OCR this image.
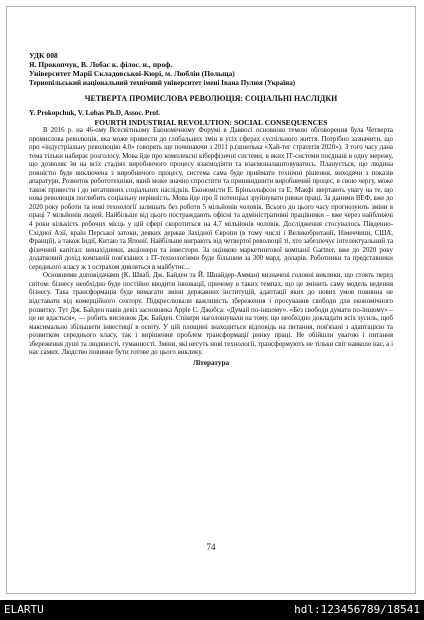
УДК 008
Я. Прокопчук, В. Лобас к. філос. н., проф.
Університет Марії Складовської-Кюрі, м. Люблін (Польща)
Тернопільський національний технічний університет імені Івана Пулюя (Україна)
ЧЕТВЕРТА ПРОМИСЛОВА РЕВОЛЮЦІЯ: СОЦІАЛЬНІ НАСЛІДКИ
Y. Prokopchuk, V. Lobas Ph.D, Assoc. Prof.
FOURTH INDUSTRIAL REVOLUTION: SOCIAL CONSEQUENCES

В 2016 р. на 46-ому Всесвітньому Економічному Форумі в Даввосі основною темою обговорення була Четверта промислова революція, яка може привести до глобальних змін в усіх сферах суспільного життя. Потрібно зазначити, що про «індустріальну революцію 4.0» говорять ще починаючи з 2011 р.(шнепька «Хай-тег стратегія 2020»). З того часу дана тема тільки набирає розголосу. Мова йде про комплексні кіберфізичні системи, в яких ІТ-системи поєднані в одну мережу, що дозволяє їм на всіх стадіях виробничого процесу взаємодіяти та взаємоналаштовуватись. Планується, що людина повністю буде виключена з виробничого процесу, система сама буде приймати технічні рішення, виходячи з показів апаратури. Розвиток робототехніки, який може значно спростити та пришвидшити виробничий процес, в свою чергу, може також привести і до негативних соціальних наслідків. Економісти Е. Бріньольфсон та Е. Макфі звертають увагу на те, що нова революція поглибить соціальну нерівність. Мова йде про її потенціал зруйнувати ринки праці. За даними ВЕФ, вже до 2020 року роботи та нові технології залишать без роботи 5 мільйонів чоловік. Всього до цього часу прогнозують зміни в праці 7 мільйонів людей. Найбільше від цього постраждають офісні та адміністративні працівники – вже через найближчі 4 роки кількість робочих місць у цій сфері скоротиться на 4,7 мільйонів чоловік. Дослідження стосувалось Південно-Східної Азії, країн Перської затоки, деяких держав Західної Європи (в тому числі і Великобританії, Німеччини, США, Франції), а також Індії, Китаю та Японії. Найбільше виграють від четвертої революції ті, хто забезпечує інтелектуальний та фізичний капітал: винахідники, акціонери та інвестори. За оцінкою маркетингової компанії Gartner, вже до 2020 року додатковий дохід компаній пов'язаних з ІТ-технологіями буде більшим за 300 мард. доларів. Роботники та представники середнього класу ж з острахом дивляться в майбутнє...

Основними доповідачами (К. Шваб, Дж. Байден та Й. Шнайдер-Амман) визначені головні виклики, що стоять перед світом: бізнесу необхідно буде постійно вводити інновації, причому в таких темпах, що це змінить саму модель ведення бізнесу. Така трансформація буде вимагати зміни державних інституцій, адаптації яких до нових умов повинна не відставати від комерційного сектору. Підкреслювали важливість збереження і просування свободи для економічного розвитку. Тут Дж. Байден навів девіз засновника Apple С. Джобса: «Думай по-іншому». «Без свободи думати по-іншому» – це не вдасться», — робить висновок Дж. Байден. Спікери наголошували на тому, що необхідно докладати всіх зусиль, щоб максимально збільшити інвестиції в освіту. У цій площині знаходиться відповідь на питання, пов'язані з адаптацією та розвитком середнього класу, так і вирішення проблем трансформації ринку праці. Не обійшли увагою і питання збереження душі та людяності, гуманності. Зміни, які несуть нові технології, трансформують не тільки світ навколо нас, а і нас самих. Людство повинне бути готове до цього виклику.

Література
74
ELARTU	hdl:123456789/18541
